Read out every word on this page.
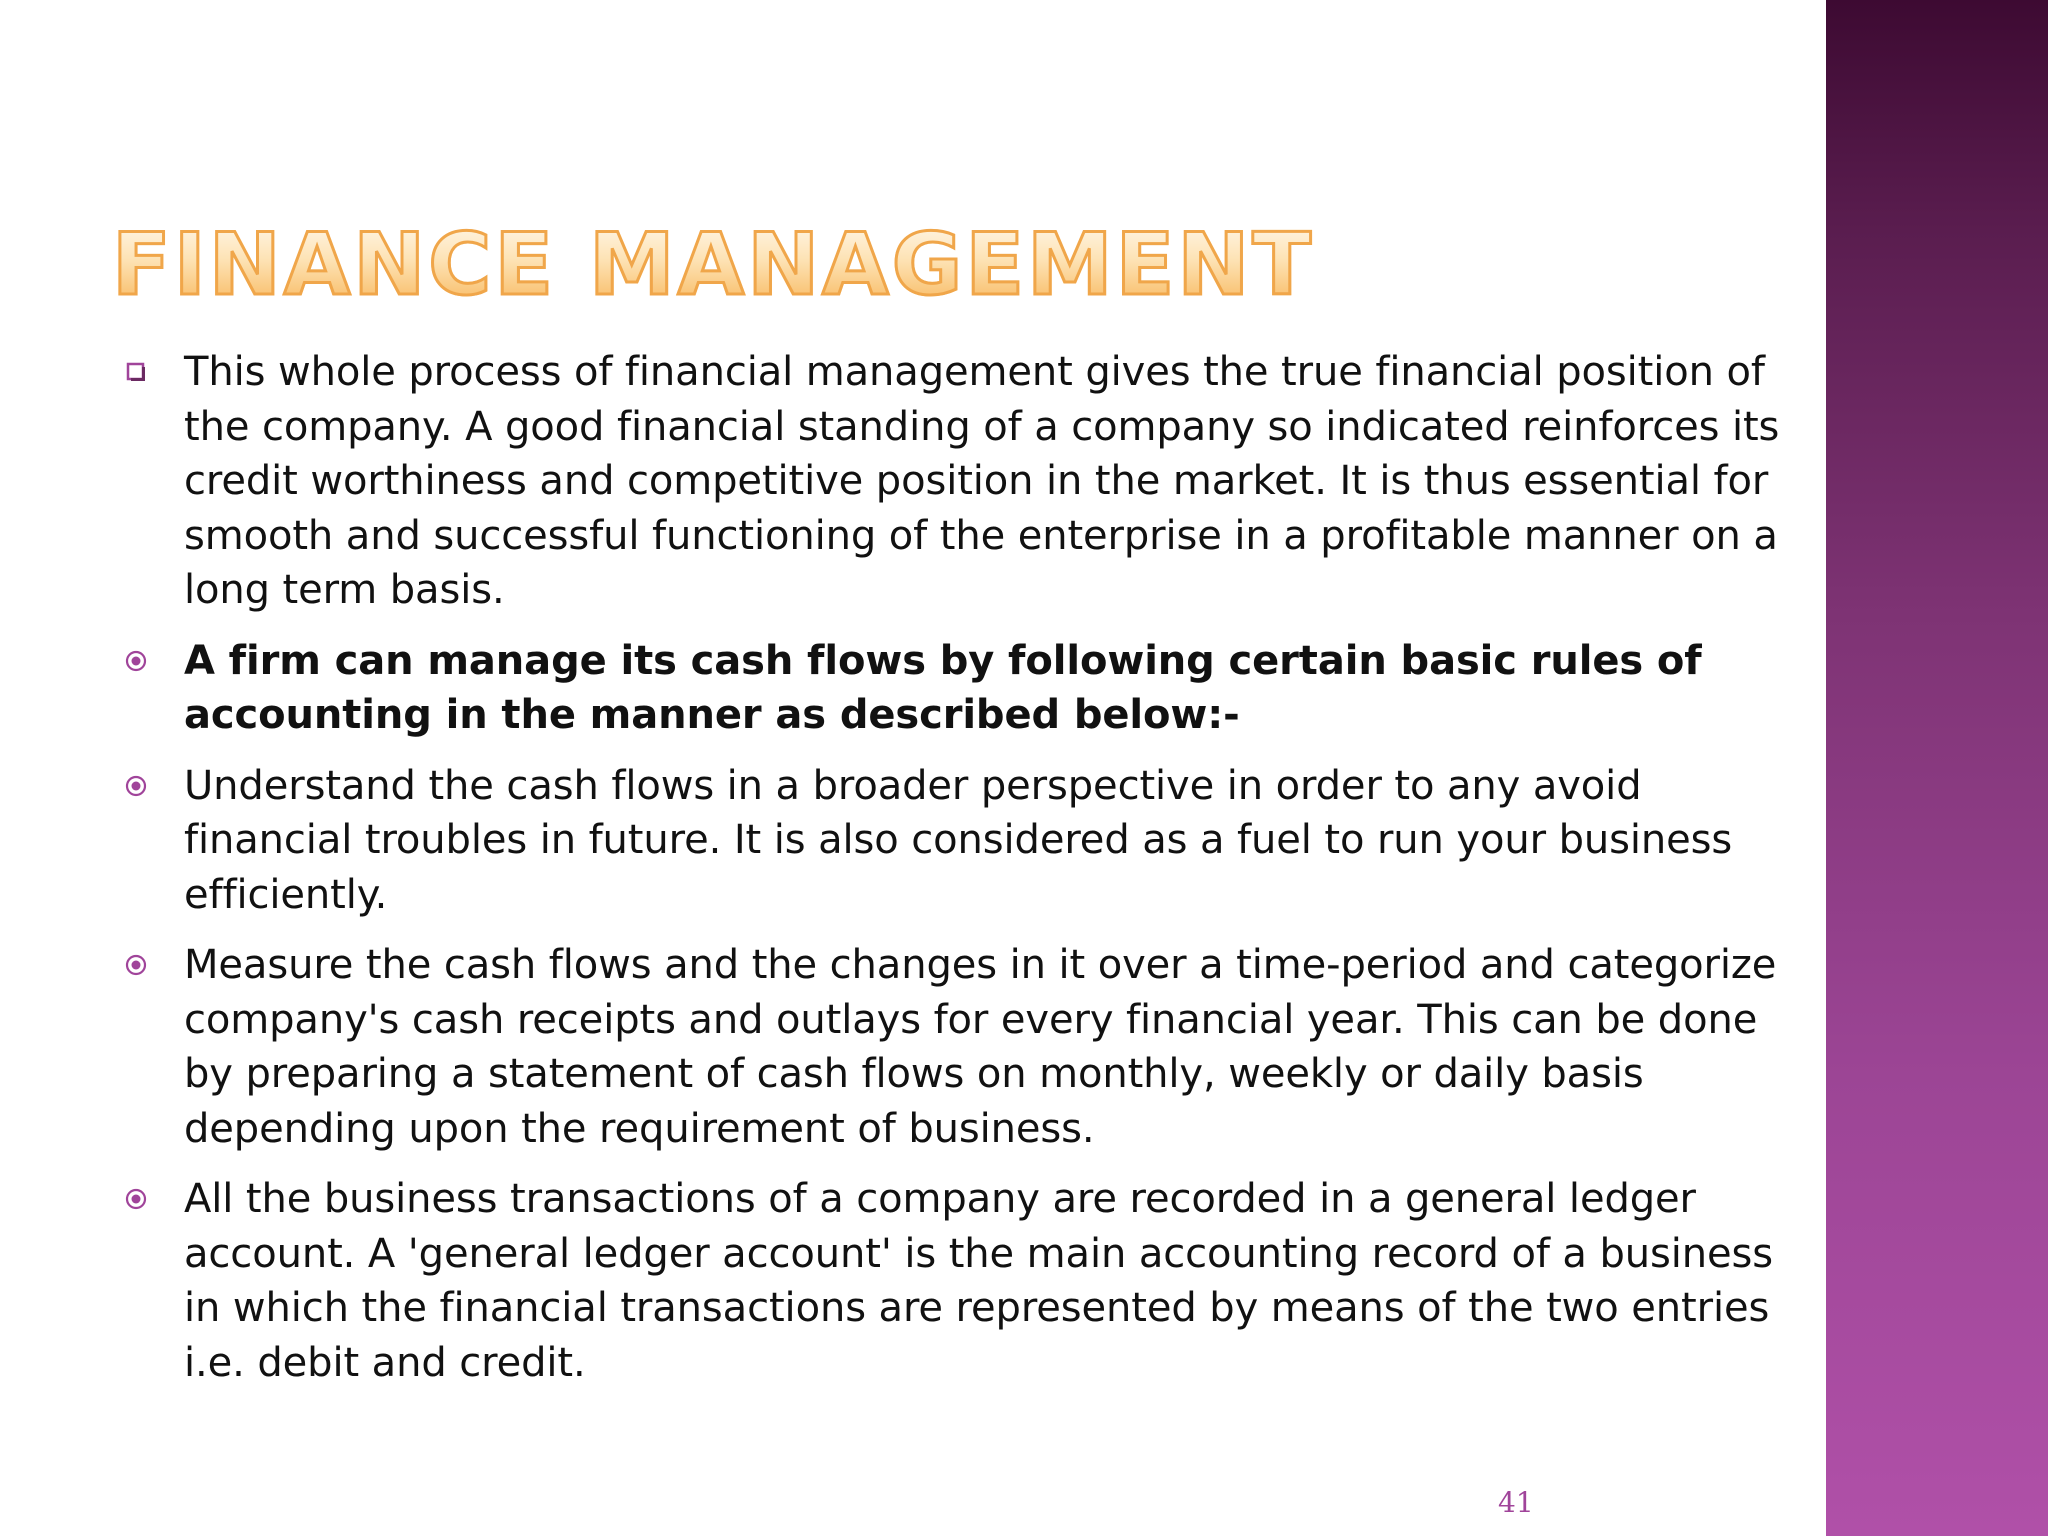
FINANCE MANAGEMENT
This whole process of financial management gives the true financial position of the company. A good financial standing of a company so indicated reinforces its credit worthiness and competitive position in the market. It is thus essential for smooth and successful functioning of the enterprise in a profitable manner on a long term basis.
A firm can manage its cash flows by following certain basic rules of accounting in the manner as described below:-
Understand the cash flows in a broader perspective in order to any avoid financial troubles in future. It is also considered as a fuel to run your business efficiently.
Measure the cash flows and the changes in it over a time-period and categorize company's cash receipts and outlays for every financial year. This can be done by preparing a statement of cash flows on monthly, weekly or daily basis depending upon the requirement of business.
All the business transactions of a company are recorded in a general ledger account. A 'general ledger account' is the main accounting record of a business in which the financial transactions are represented by means of the two entries i.e. debit and credit.
41
